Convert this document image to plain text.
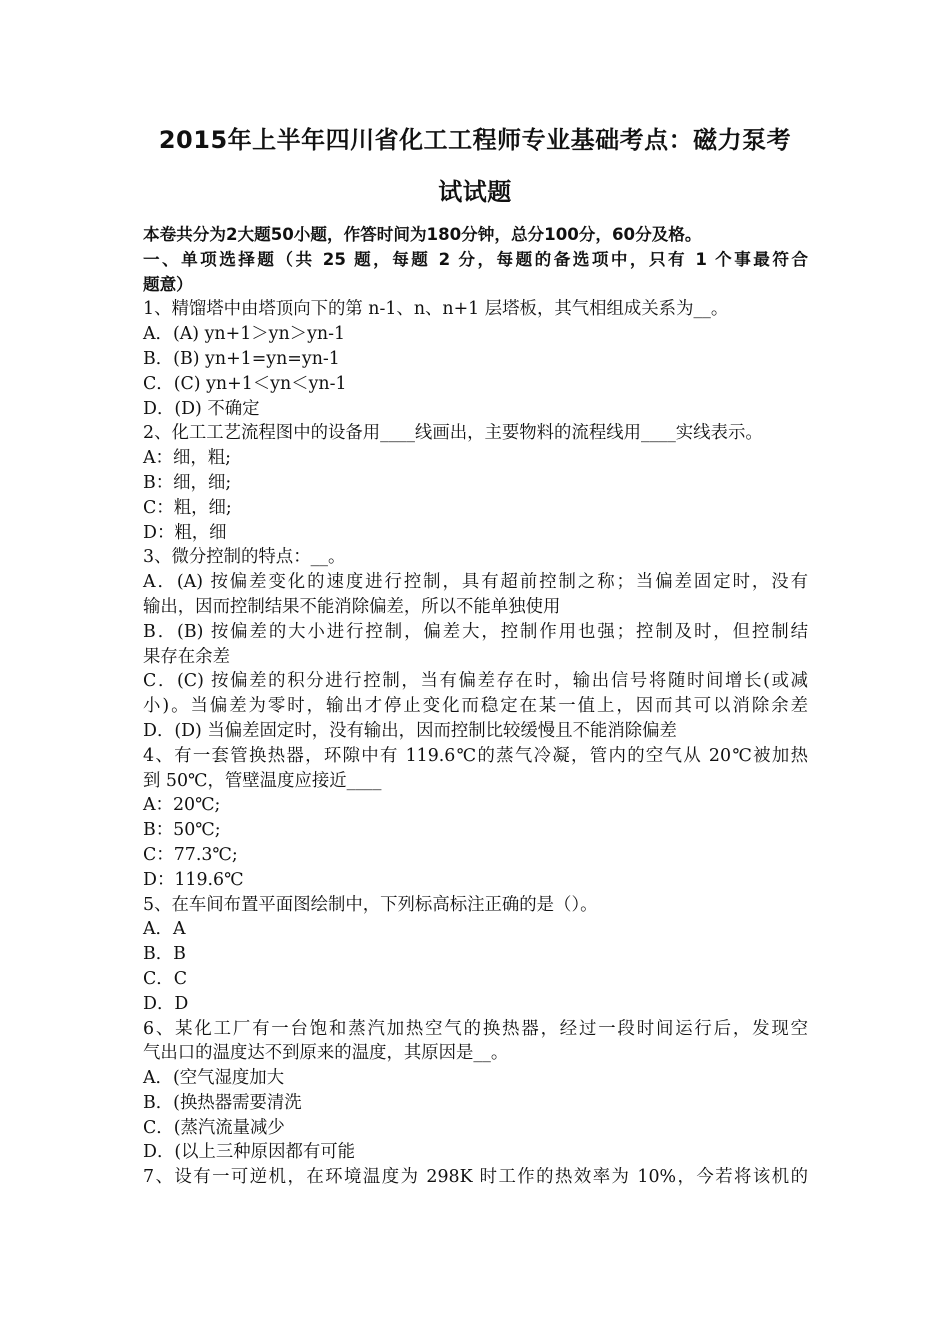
2015年上半年四川省化工工程师专业基础考点：磁力泵考
试试题
本卷共分为2大题50小题，作答时间为180分钟，总分100分，60分及格。
一、单项选择题（共 25 题，每题 2 分，每题的备选项中，只有 1 个事最符合
题意）
1、精馏塔中由塔顶向下的第 n-1、n、n+1 层塔板，其气相组成关系为__。
A．(A) yn+1＞yn＞yn-1
B．(B) yn+1=yn=yn-1
C．(C) yn+1＜yn＜yn-1
D．(D) 不确定
2、化工工艺流程图中的设备用____线画出，主要物料的流程线用____实线表示。
A：细，粗;
B：细，细;
C：粗，细;
D：粗，细
3、微分控制的特点：__。
A．(A) 按偏差变化的速度进行控制，具有超前控制之称；当偏差固定时，没有
输出，因而控制结果不能消除偏差，所以不能单独使用
B．(B) 按偏差的大小进行控制，偏差大，控制作用也强；控制及时，但控制结
果存在余差
C．(C) 按偏差的积分进行控制，当有偏差存在时，输出信号将随时间增长(或减
小)。当偏差为零时，输出才停止变化而稳定在某一值上，因而其可以消除余差
D．(D) 当偏差固定时，没有输出，因而控制比较缓慢且不能消除偏差
4、有一套管换热器，环隙中有 119.6℃的蒸气冷凝，管内的空气从 20℃被加热
到 50℃，管壁温度应接近____
A：20℃;
B：50℃;
C：77.3℃;
D：119.6℃
5、在车间布置平面图绘制中，下列标高标注正确的是（）。
A．A
B．B
C．C
D．D
6、某化工厂有一台饱和蒸汽加热空气的换热器，经过一段时间运行后，发现空
气出口的温度达不到原来的温度，其原因是__。
A．(空气湿度加大
B．(换热器需要清洗
C．(蒸汽流量减少
D．(以上三种原因都有可能
7、设有一可逆机，在环境温度为 298K 时工作的热效率为 10%，今若将该机的
